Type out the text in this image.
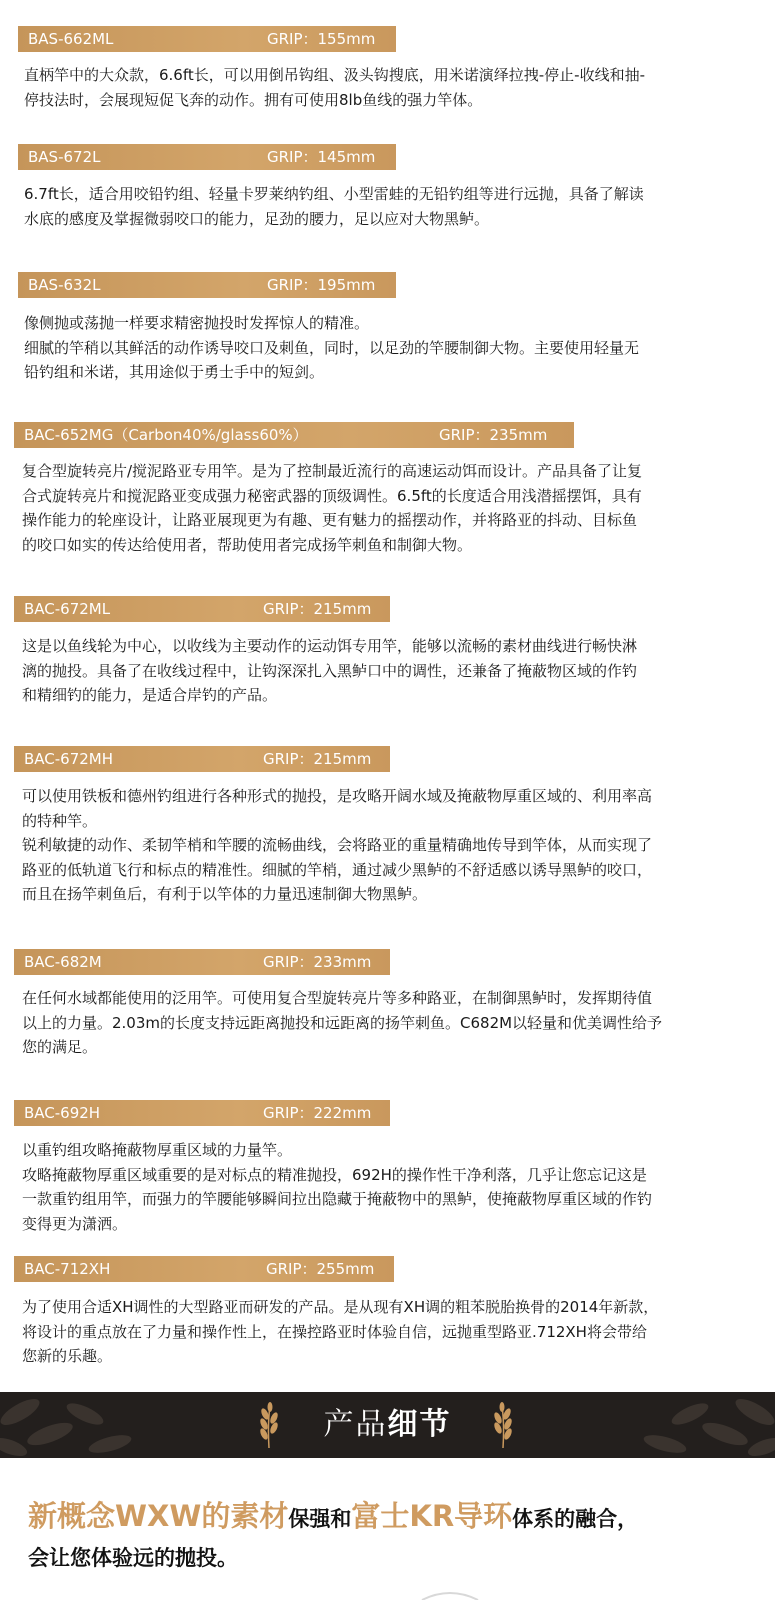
BAS-662ML	GRIP：155mm

直柄竿中的大众款，6.6ft长，可以用倒吊钩组、汲头钩搜底，用米诺演绎拉拽-停止-收线和抽-

停技法时，会展现短促飞奔的动作。拥有可使用8lb鱼线的强力竿体。

BAS-672L	GRIP：145mm

6.7ft长，适合用咬铅钓组、轻量卡罗莱纳钓组、小型雷蛙的无铅钓组等进行远抛，具备了解读

水底的感度及掌握微弱咬口的能力，足劲的腰力，足以应对大物黑鲈。

BAS-632L	GRIP：195mm

像侧抛或荡抛一样要求精密抛投时发挥惊人的精准。

细腻的竿稍以其鲜活的动作诱导咬口及刺鱼，同时，以足劲的竿腰制御大物。主要使用轻量无

铅钓组和米诺，其用途似于勇士手中的短剑。

BAC-652MG（Carbon40%/glass60%）	GRIP：235mm

复合型旋转亮片/搅泥路亚专用竿。是为了控制最近流行的高速运动饵而设计。产品具备了让复

合式旋转亮片和搅泥路亚变成强力秘密武器的顶级调性。6.5ft的长度适合用浅潜摇摆饵，具有

操作能力的轮座设计，让路亚展现更为有趣、更有魅力的摇摆动作，并将路亚的抖动、目标鱼

的咬口如实的传达给使用者，帮助使用者完成扬竿刺鱼和制御大物。

BAC-672ML	GRIP：215mm

这是以鱼线轮为中心，以收线为主要动作的运动饵专用竿，能够以流畅的素材曲线进行畅快淋

漓的抛投。具备了在收线过程中，让钩深深扎入黑鲈口中的调性，还兼备了掩蔽物区域的作钓

和精细钓的能力，是适合岸钓的产品。

BAC-672MH	GRIP：215mm

可以使用铁板和德州钓组进行各种形式的抛投，是攻略开阔水域及掩蔽物厚重区域的、利用率高

的特种竿。

锐利敏捷的动作、柔韧竿梢和竿腰的流畅曲线，会将路亚的重量精确地传导到竿体，从而实现了

路亚的低轨道飞行和标点的精准性。细腻的竿梢，通过减少黑鲈的不舒适感以诱导黑鲈的咬口，

而且在扬竿刺鱼后，有利于以竿体的力量迅速制御大物黑鲈。

BAC-682M	GRIP：233mm

在任何水域都能使用的泛用竿。可使用复合型旋转亮片等多种路亚，在制御黑鲈时，发挥期待值

以上的力量。2.03m的长度支持远距离抛投和远距离的扬竿刺鱼。C682M以轻量和优美调性给予

您的满足。

BAC-692H	GRIP：222mm

以重钓组攻略掩蔽物厚重区域的力量竿。

攻略掩蔽物厚重区域重要的是对标点的精准抛投，692H的操作性干净利落，几乎让您忘记这是

一款重钓组用竿，而强力的竿腰能够瞬间拉出隐藏于掩蔽物中的黑鲈，使掩蔽物厚重区域的作钓

变得更为潇洒。

BAC-712XH	GRIP：255mm

为了使用合适XH调性的大型路亚而研发的产品。是从现有XH调的粗苯脱胎换骨的2014年新款，

将设计的重点放在了力量和操作性上，在操控路亚时体验自信，远抛重型路亚.712XH将会带给

您新的乐趣。

产品细节
新概念WXW的素材保强和富士KR导环体系的融合，
会让您体验远的抛投。
